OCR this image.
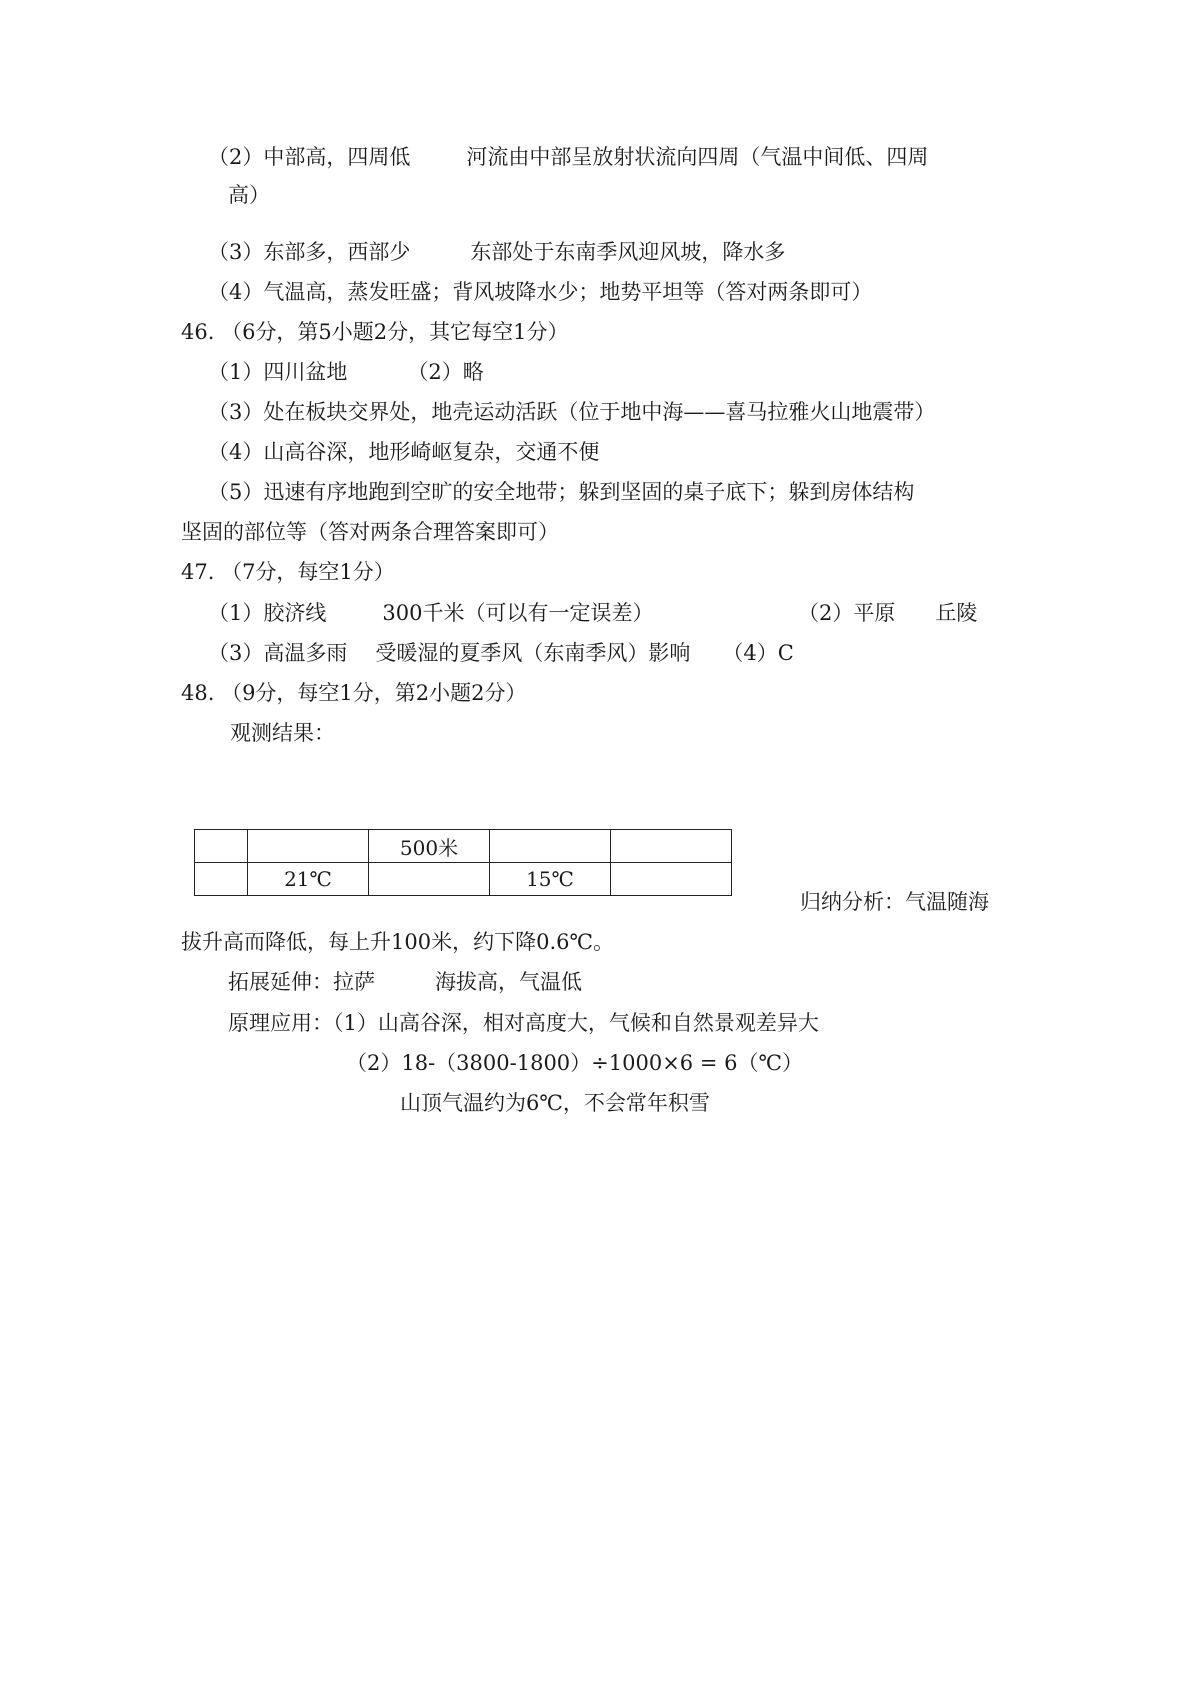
（2）中部高，四周低	河流由中部呈放射状流向四周（气温中间低、四周
高）
（3）东部多，西部少	东部处于东南季风迎风坡，降水多
（4）气温高，蒸发旺盛；背风坡降水少；地势平坦等（答对两条即可）
46. （6分，第5小题2分，其它每空1分）
（1）四川盆地	（2）略
（3）处在板块交界处，地壳运动活跃（位于地中海——喜马拉雅火山地震带）
（4）山高谷深，地形崎岖复杂，交通不便
（5）迅速有序地跑到空旷的安全地带；躲到坚固的桌子底下；躲到房体结构
坚固的部位等（答对两条合理答案即可）
47. （7分，每空1分）
（1）胶济线	300千米（可以有一定误差）	（2）平原 丘陵
（3）高温多雨 受暖湿的夏季风（东南季风）影响 （4）C
48. （9分，每空1分，第2小题2分）
观测结果：
		500米		
	21℃		15℃	
归纳分析：气温随海
拔升高而降低，每上升100米，约下降0.6℃。
拓展延伸：拉萨	海拔高，气温低
原理应用：（1）山高谷深，相对高度大，气候和自然景观差异大
（2）18-（3800-1800）÷1000×6 = 6（℃）
山顶气温约为6℃，不会常年积雪
